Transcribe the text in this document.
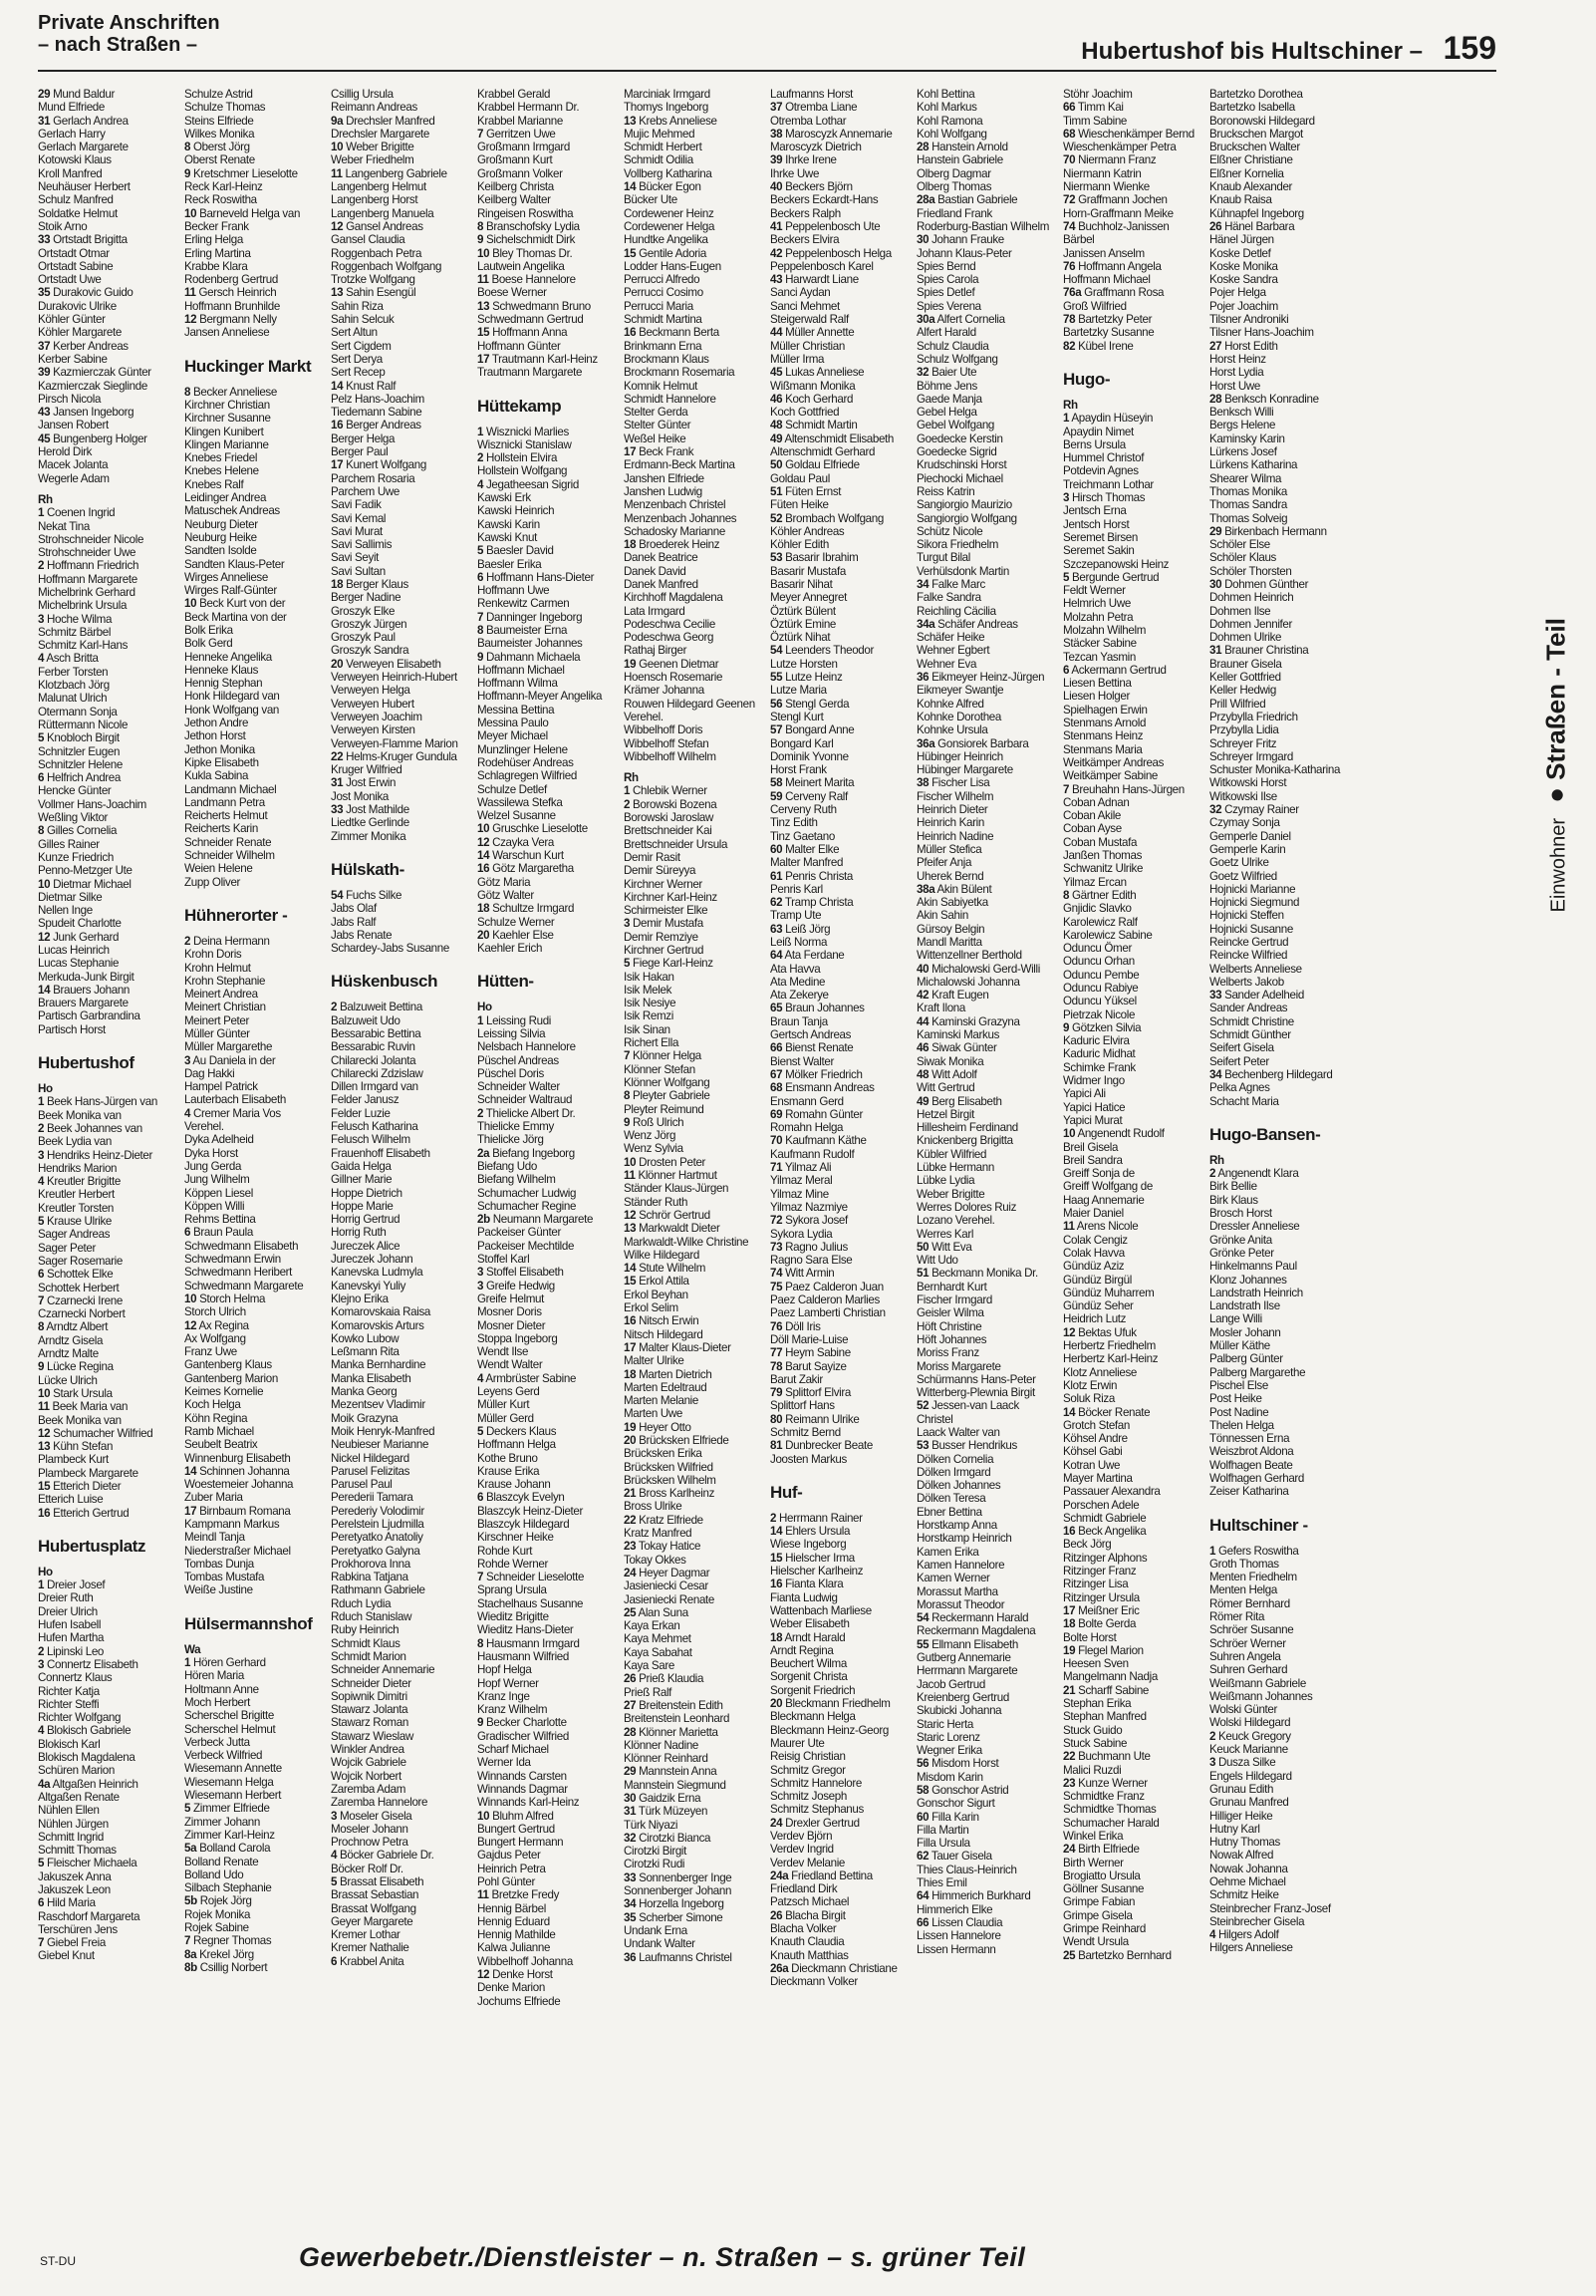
Private Anschriften
– nach Straßen –	Hubertushof bis Hultschiner – 159
29 Mund Baldur
Mund Elfriede
31 Gerlach Andrea
Gerlach Harry
Gerlach Margarete
Kotowski Klaus
Kroll Manfred
Neuhäuser Herbert
Schulz Manfred
Soldatke Helmut
Stoik Arno
33 Ortstadt Brigitta
Ortstadt Otmar
Ortstadt Sabine
Ortstadt Uwe
35 Durakovic Guido
Durakovic Ulrike
Köhler Günter
Köhler Margarete
37 Kerber Andreas
Kerber Sabine
39 Kazmierczak Günter
Kazmierczak Sieglinde
Pirsch Nicola
43 Jansen Ingeborg
Jansen Robert
45 Bungenberg Holger
Herold Dirk
Macek Jolanta
Wegerle Adam
Rh
1 Coenen Ingrid
Nekat Tina
Strohschneider Nicole
Strohschneider Uwe
2 Hoffmann Friedrich
Hoffmann Margarete
Michelbrink Gerhard
Michelbrink Ursula
3 Hoche Wilma
Schmitz Bärbel
Schmitz Karl-Hans
4 Asch Britta
Ferber Torsten
Klotzbach Jörg
Malunat Ulrich
Otermann Sonja
Rüttermann Nicole
5 Knobloch Birgit
Schnitzler Eugen
Schnitzler Helene
6 Helfrich Andrea
Hencke Günter
Vollmer Hans-Joachim
Weßling Viktor
8 Gilles Cornelia
Gilles Rainer
Kunze Friedrich
Penno-Metzger Ute
10 Dietmar Michael
Dietmar Silke
Nellen Inge
Spudeit Charlotte
12 Junk Gerhard
Lucas Heinrich
Lucas Stephanie
Merkuda-Junk Birgit
14 Brauers Johann
Brauers Margarete
Partisch Garbrandina
Partisch Horst
Hubertushof
Ho
1 Beek Hans-Jürgen van
Beek Monika van
2 Beek Johannes van
Beek Lydia van
3 Hendriks Heinz-Dieter
Hendriks Marion
4 Kreutler Brigitte
Kreutler Herbert
Kreutler Torsten
5 Krause Ulrike
Sager Andreas
Sager Peter
Sager Rosemarie
6 Schottek Elke
Schottek Herbert
7 Czarnecki Irene
Czarnecki Norbert
8 Arndtz Albert
Arndtz Gisela
Arndtz Malte
9 Lücke Regina
Lücke Ulrich
10 Stark Ursula
11 Beek Maria van
Beek Monika van
12 Schumacher Wilfried
13 Kühn Stefan
Plambeck Kurt
Plambeck Margarete
15 Etterich Dieter
Etterich Luise
16 Etterich Gertrud
Hubertusplatz
Ho
1 Dreier Josef
Dreier Ruth
Dreier Ulrich
Hufen Isabell
Hufen Martha
2 Lipinski Leo
3 Connertz Elisabeth
Connertz Klaus
Richter Katja
Richter Steffi
Richter Wolfgang
4 Blokisch Gabriele
Blokisch Karl
Blokisch Magdalena
Schüren Marion
4a Altgaßen Heinrich
Altgaßen Renate
Nühlen Ellen
Nühlen Jürgen
Schmitt Ingrid
Schmitt Thomas
5 Fleischer Michaela
Jakuszek Anna
Jakuszek Leon
6 Hild Maria
Raschdorf Margareta
Terschüren Jens
7 Giebel Freia
Giebel Knut
Schulze Astrid
Schulze Thomas
Steins Elfriede
Wilkes Monika
8 Oberst Jörg
Oberst Renate
9 Kretschmer Lieselotte
Reck Karl-Heinz
Reck Roswitha
10 Barneveld Helga van
Becker Frank
Erling Helga
Erling Martina
Krabbe Klara
Rodenberg Gertrud
11 Gersch Heinrich
Hoffmann Brunhilde
12 Bergmann Nelly
Jansen Anneliese
Huckinger Markt
8 Becker Anneliese
Kirchner Christian
Kirchner Susanne
Klingen Kunibert
Klingen Marianne
Knebes Friedel
Knebes Helene
Knebes Ralf
Leidinger Andrea
Matuschek Andreas
Neuburg Dieter
Neuburg Heike
Sandten Isolde
Sandten Klaus-Peter
Wirges Anneliese
Wirges Ralf-Günter
10 Beck Kurt von der
Beck Martina von der
Bolk Erika
Bolk Gerd
Henneke Angelika
Henneke Klaus
Hennig Stephan
Honk Hildegard van
Honk Wolfgang van
Jethon Andre
Jethon Horst
Jethon Monika
Kipke Elisabeth
Kukla Sabina
Landmann Michael
Landmann Petra
Reicherts Helmut
Reicherts Karin
Schneider Renate
Schneider Wilhelm
Weien Helene
Zupp Oliver
Hühnerorter -
2 Deina Hermann
Krohn Doris
Krohn Helmut
Krohn Stephanie
Meinert Andrea
Meinert Christian
Meinert Peter
Müller Günter
Müller Margarethe
3 Au Daniela in der
Dag Hakki
Hampel Patrick
Lauterbach Elisabeth
4 Cremer Maria Vos
Verehel.
Dyka Adelheid
Dyka Horst
Jung Gerda
Jung Wilhelm
Köppen Liesel
Köppen Willi
Rehms Bettina
6 Braun Paula
Schwedmann Elisabeth
Schwedmann Erwin
Schwedmann Heribert
Schwedmann Margarete
10 Storch Helma
Storch Ulrich
12 Ax Regina
Ax Wolfgang
Franz Uwe
Gantenberg Klaus
Gantenberg Marion
Keimes Kornelie
Koch Helga
Köhn Regina
Ramb Michael
Seubelt Beatrix
Winnenburg Elisabeth
14 Schinnen Johanna
Woestemeier Johanna
Zuber Maria
17 Birnbaum Romana
Kampmann Markus
Meindl Tanja
Niederstraßer Michael
Tombas Dunja
Tombas Mustafa
Weiße Justine
Hülsermannshof
Wa
1 Hören Gerhard
Hören Maria
Holtmann Anne
Moch Herbert
Scherschel Brigitte
Scherschel Helmut
Verbeck Jutta
Verbeck Wilfried
Wiesemann Annette
Wiesemann Helga
Wiesemann Herbert
5 Zimmer Elfriede
Zimmer Johann
Zimmer Karl-Heinz
5a Bolland Carola
Bolland Renate
Bolland Udo
Silbach Stephanie
5b Rojek Jörg
Rojek Monika
Rojek Sabine
7 Regner Thomas
8a Krekel Jörg
8b Csillig Norbert
Csillig Ursula
Reimann Andreas
9a Drechsler Manfred
Drechsler Margarete
10 Weber Brigitte
Weber Friedhelm
11 Langenberg Gabriele
Langenberg Helmut
Langenberg Horst
Langenberg Manuela
12 Gansel Andreas
Gansel Claudia
Roggenbach Petra
Roggenbach Wolfgang
Trotzke Wolfgang
13 Sahin Esengül
Sahin Riza
Sahin Selcuk
Sert Altun
Sert Cigdem
Sert Derya
Sert Recep
14 Knust Ralf
Pelz Hans-Joachim
Tiedemann Sabine
16 Berger Andreas
Berger Helga
Berger Paul
17 Kunert Wolfgang
Parchem Rosaria
Parchem Uwe
Savi Fadik
Savi Kemal
Savi Murat
Savi Sallimis
Savi Seyit
Savi Sultan
18 Berger Klaus
Berger Nadine
Groszyk Elke
Groszyk Jürgen
Groszyk Paul
Groszyk Sandra
20 Verweyen Elisabeth
Verweyen Heinrich-Hubert
Verweyen Helga
Verweyen Hubert
Verweyen Joachim
Verweyen Kirsten
Verweyen-Flamme Marion
22 Helms-Kruger Gundula
Kruger Wilfried
31 Jost Erwin
Jost Monika
33 Jost Mathilde
Liedtke Gerlinde
Zimmer Monika
Hülskath-
54 Fuchs Silke
Jabs Olaf
Jabs Ralf
Jabs Renate
Schardey-Jabs Susanne
Hüskenbusch
2 Balzuweit Bettina
Balzuweit Udo
Bessarabic Bettina
Bessarabic Ruvin
Chilarecki Jolanta
Chilarecki Zdzislaw
Dillen Irmgard van
Felder Janusz
Felder Luzie
Felusch Katharina
Felusch Wilhelm
Frauenhoff Elisabeth
Gaida Helga
Gillner Marie
Hoppe Dietrich
Hoppe Marie
Horrig Gertrud
Horrig Ruth
Jureczek Alice
Jureczek Johann
Kanevska Ludmyla
Kanevskyi Yuliy
Klejno Erika
Komarovskaia Raisa
Komarovskis Arturs
Kowko Lubow
Leßmann Rita
Manka Bernhardine
Manka Elisabeth
Manka Georg
Mezentsev Vladimir
Moik Grazyna
Moik Henryk-Manfred
Neubieser Marianne
Nickel Hildegard
Parusel Felizitas
Parusel Paul
Perederii Tamara
Perederiy Volodimir
Perelstein Ljudmilla
Peretyatko Anatoliy
Peretyatko Galyna
Prokhorova Inna
Rabkina Tatjana
Rathmann Gabriele
Rduch Lydia
Rduch Stanislaw
Ruby Heinrich
Schmidt Klaus
Schmidt Marion
Schneider Annemarie
Schneider Dieter
Sopiwnik Dimitri
Stawarz Jolanta
Stawarz Roman
Stawarz Wieslaw
Winkler Andrea
Wojcik Gabriele
Wojcik Norbert
Zaremba Adam
Zaremba Hannelore
3 Moseler Gisela
Moseler Johann
Prochnow Petra
4 Böcker Gabriele Dr.
Böcker Rolf Dr.
5 Brassat Elisabeth
Brassat Sebastian
Brassat Wolfgang
Geyer Margarete
Kremer Lothar
Kremer Nathalie
6 Krabbel Anita
Krabbel Gerald
Krabbel Hermann Dr.
Krabbel Marianne
7 Gerritzen Uwe
Großmann Irmgard
Großmann Kurt
Großmann Volker
Keilberg Christa
Keilberg Walter
Ringeisen Roswitha
8 Branschofsky Lydia
9 Sichelschmidt Dirk
10 Bley Thomas Dr.
Lautwein Angelika
11 Boese Hannelore
Boese Werner
13 Schwedmann Bruno
Schwedmann Gertrud
15 Hoffmann Anna
Hoffmann Günter
17 Trautmann Karl-Heinz
Trautmann Margarete
Hüttekamp
1 Wisznicki Marlies
Wisznicki Stanislaw
2 Hollstein Elvira
Hollstein Wolfgang
4 Jegatheesan Sigrid
Kawski Erk
Kawski Heinrich
Kawski Karin
Kawski Knut
5 Baesler David
Baesler Erika
6 Hoffmann Hans-Dieter
Hoffmann Uwe
Renkewitz Carmen
7 Danninger Ingeborg
8 Baumeister Erna
Baumeister Johannes
9 Dahmann Michaela
Hoffmann Michael
Hoffmann Wilma
Hoffmann-Meyer Angelika
Messina Bettina
Messina Paulo
Meyer Michael
Munzlinger Helene
Rodehüser Andreas
Schlagregen Wilfried
Schulze Detlef
Wassilewa Stefka
Welzel Susanne
10 Gruschke Lieselotte
12 Czayka Vera
14 Warschun Kurt
16 Götz Margaretha
Götz Maria
Götz Walter
18 Schultze Irmgard
Schulze Werner
20 Kaehler Else
Kaehler Erich
Hütten-
Ho
1 Leissing Rudi
Leissing Silvia
Nelsbach Hannelore
Püschel Andreas
Püschel Doris
Schneider Walter
Schneider Waltraud
2 Thielicke Albert Dr.
Thielicke Emmy
Thielicke Jörg
2a Biefang Ingeborg
Biefang Udo
Biefang Wilhelm
Schumacher Ludwig
Schumacher Regine
2b Neumann Margarete
Packeiser Günter
Packeiser Mechtilde
Stoffel Karl
3 Stoffel Elisabeth
3 Greife Hedwig
Greife Helmut
Mosner Doris
Mosner Dieter
Stoppa Ingeborg
Wendt Ilse
Wendt Walter
4 Armbrüster Sabine
Leyens Gerd
Müller Kurt
Müller Gerd
5 Deckers Klaus
Hoffmann Helga
Kothe Bruno
Krause Erika
Krause Johann
6 Blaszcyk Evelyn
Blaszcyk Heinz-Dieter
Blaszcyk Hildegard
Kirschner Heike
Rohde Kurt
Rohde Werner
7 Schneider Lieselotte
Sprang Ursula
Stachelhaus Susanne
Wieditz Brigitte
Wieditz Hans-Dieter
8 Hausmann Irmgard
Hausmann Wilfried
Hopf Helga
Hopf Werner
Kranz Inge
Kranz Wilhelm
9 Becker Charlotte
Gradischer Wilfried
Scharf Michael
Werner Ida
Winnands Carsten
Winnands Dagmar
Winnands Karl-Heinz
10 Bluhm Alfred
Bungert Gertrud
Bungert Hermann
Gajdus Peter
Heinrich Petra
Pohl Günter
11 Bretzke Fredy
Hennig Bärbel
Hennig Eduard
Hennig Mathilde
Kalwa Julianne
Wibbelhoff Johanna
12 Denke Horst
Denke Marion
Jochums Elfriede
Marciniak Irmgard
Thomys Ingeborg
13 Krebs Anneliese
Mujic Mehmed
Schmidt Herbert
Schmidt Odilia
Vollberg Katharina
14 Bücker Egon
Bücker Ute
Cordewener Heinz
Cordewener Helga
Hundtke Angelika
15 Gentile Adoria
Lodder Hans-Eugen
Perrucci Alfredo
Perrucci Cosimo
Perrucci Maria
Schmidt Martina
16 Beckmann Berta
Brinkmann Erna
Brockmann Klaus
Brockmann Rosemaria
Komnik Helmut
Schmidt Hannelore
Stelter Gerda
Stelter Günter
Weßel Heike
17 Beck Frank
Erdmann-Beck Martina
Janshen Elfriede
Janshen Ludwig
Menzenbach Christel
Menzenbach Johannes
Schadosky Marianne
18 Broederek Heinz
Danek Beatrice
Danek David
Danek Manfred
Kirchhoff Magdalena
Lata Irmgard
Podeschwa Cecilie
Podeschwa Georg
Rathaj Birger
19 Geenen Dietmar
Hoensch Rosemarie
Krämer Johanna
Rouwen Hildegard Geenen
Verehel.
Wibbelhoff Doris
Wibbelhoff Stefan
Wibbelhoff Wilhelm
Rh
1 Chlebik Werner
2 Borowski Bozena
Borowski Jaroslaw
Brettschneider Kai
Brettschneider Ursula
Demir Rasit
Demir Süreyya
Kirchner Werner
Kirchner Karl-Heinz
Schirmeister Elke
3 Demir Mustafa
Demir Remziye
Kirchner Gertrud
5 Fiege Karl-Heinz
Isik Hakan
Isik Melek
Isik Nesiye
Isik Remzi
Isik Sinan
Richert Ella
7 Klönner Helga
Klönner Stefan
Klönner Wolfgang
8 Pleyter Gabriele
Pleyter Reimund
9 Roß Ulrich
Wenz Jörg
Wenz Sylvia
10 Drosten Peter
11 Klönner Hartmut
Ständer Klaus-Jürgen
Ständer Ruth
12 Schrör Gertrud
13 Markwaldt Dieter
Markwaldt-Wilke Christine
Wilke Hildegard
14 Stute Wilhelm
15 Erkol Attila
Erkol Beyhan
Erkol Selim
16 Nitsch Erwin
Nitsch Hildegard
17 Malter Klaus-Dieter
Malter Ulrike
18 Marten Dietrich
Marten Edeltraud
Marten Melanie
Marten Uwe
19 Heyer Otto
20 Brücksken Elfriede
Brücksken Erika
Brücksken Wilfried
Brücksken Wilhelm
21 Bross Karlheinz
Bross Ulrike
22 Kratz Elfriede
Kratz Manfred
23 Tokay Hatice
Tokay Okkes
24 Heyer Dagmar
Jasieniecki Cesar
Jasieniecki Renate
25 Alan Suna
Kaya Erkan
Kaya Mehmet
Kaya Sabahat
Kaya Sare
26 Prieß Klaudia
Prieß Ralf
27 Breitenstein Edith
Breitenstein Leonhard
28 Klönner Marietta
Klönner Nadine
Klönner Reinhard
29 Mannstein Anna
Mannstein Siegmund
30 Gaidzik Erna
31 Türk Müzeyen
Türk Niyazi
32 Cirotzki Bianca
Cirotzki Birgit
Cirotzki Rudi
33 Sonnenberger Inge
Sonnenberger Johann
34 Horzella Ingeborg
35 Scherber Simone
Undank Erna
Undank Walter
36 Laufmanns Christel
Laufmanns Horst
37 Otremba Liane
Otremba Lothar
38 Maroscyzk Annemarie
Maroscyzk Dietrich
39 Ihrke Irene
Ihrke Uwe
40 Beckers Björn
Beckers Eckardt-Hans
Beckers Ralph
41 Peppelenbosch Ute
Beckers Elvira
42 Peppelenbosch Helga
Peppelenbosch Karel
43 Harwardt Liane
Sanci Aydan
Sanci Mehmet
Steigerwald Ralf
44 Müller Annette
Müller Christian
Müller Irma
45 Lukas Anneliese
Wißmann Monika
46 Koch Gerhard
Koch Gottfried
48 Schmidt Martin
49 Altenschmidt Elisabeth
Altenschmidt Gerhard
50 Goldau Elfriede
Goldau Paul
51 Füten Ernst
Füten Heike
52 Brombach Wolfgang
Köhler Andreas
Köhler Edith
53 Basarir Ibrahim
Basarir Mustafa
Basarir Nihat
Meyer Annegret
Öztürk Bülent
Öztürk Emine
Öztürk Nihat
54 Leenders Theodor
Lutze Horsten
55 Lutze Heinz
Lutze Maria
56 Stengl Gerda
Stengl Kurt
57 Bongard Anne
Bongard Karl
Dominik Yvonne
Horst Frank
58 Meinert Marita
59 Cerveny Ralf
Cerveny Ruth
Tinz Edith
Tinz Gaetano
60 Malter Elke
Malter Manfred
61 Penris Christa
Penris Karl
62 Tramp Christa
Tramp Ute
63 Leiß Jörg
Leiß Norma
64 Ata Ferdane
Ata Havva
Ata Medine
Ata Zekerye
65 Braun Johannes
Braun Tanja
Gertsch Andreas
66 Bienst Renate
Bienst Walter
67 Mölker Friedrich
68 Ensmann Andreas
Ensmann Gerd
69 Romahn Günter
Romahn Helga
70 Kaufmann Käthe
Kaufmann Rudolf
71 Yilmaz Ali
Yilmaz Meral
Yilmaz Mine
Yilmaz Nazmiye
72 Sykora Josef
Sykora Lydia
73 Ragno Julius
Ragno Sara Else
74 Witt Armin
75 Paez Calderon Juan
Paez Calderon Marlies
Paez Lamberti Christian
76 Döll Iris
Döll Marie-Luise
77 Heym Sabine
78 Barut Sayize
Barut Zakir
79 Splittorf Elvira
Splittorf Hans
80 Reimann Ulrike
Schmitz Bernd
81 Dunbrecker Beate
Joosten Markus
Huf-
2 Herrmann Rainer
14 Ehlers Ursula
Wiese Ingeborg
15 Hielscher Irma
Hielscher Karlheinz
16 Fianta Klara
Fianta Ludwig
Wattenbach Marliese
Weber Elisabeth
18 Arndt Harald
Arndt Regina
Beuchert Wilma
Sorgenit Christa
Sorgenit Friedrich
20 Bleckmann Friedhelm
Bleckmann Helga
Bleckmann Heinz-Georg
Maurer Ute
Reisig Christian
Schmitz Gregor
Schmitz Hannelore
Schmitz Joseph
Schmitz Stephanus
24 Drexler Gertrud
Verdev Björn
Verdev Ingrid
Verdev Melanie
24a Friedland Bettina
Friedland Dirk
Patzsch Michael
26 Blacha Birgit
Blacha Volker
Knauth Claudia
Knauth Matthias
26a Dieckmann Christiane
Dieckmann Volker
Kohl Bettina
Kohl Markus
Kohl Ramona
Kohl Wolfgang
28 Hanstein Arnold
Hanstein Gabriele
Olberg Dagmar
Olberg Thomas
28a Bastian Gabriele
Friedland Frank
Roderburg-Bastian Wilhelm
30 Johann Frauke
Johann Klaus-Peter
Spies Bernd
Spies Carola
Spies Detlef
Spies Verena
30a Alfert Cornelia
Alfert Harald
Schulz Claudia
Schulz Wolfgang
32 Baier Ute
Böhme Jens
Gaede Manja
Gebel Helga
Gebel Wolfgang
Goedecke Kerstin
Goedecke Sigrid
Krudschinski Horst
Piechocki Michael
Reiss Katrin
Sangiorgio Maurizio
Sangiorgio Wolfgang
Schütz Nicole
Sikora Friedhelm
Turgut Bilal
Verhülsdonk Martin
34 Falke Marc
Falke Sandra
Reichling Cäcilia
34a Schäfer Andreas
Schäfer Heike
Wehner Egbert
Wehner Eva
36 Eikmeyer Heinz-Jürgen
Eikmeyer Swantje
Kohnke Alfred
Kohnke Dorothea
Kohnke Ursula
36a Gonsiorek Barbara
Hübinger Heinrich
Hübinger Margarete
38 Fischer Lisa
Fischer Wilhelm
Heinrich Dieter
Heinrich Karin
Heinrich Nadine
Müller Stefica
Pfeifer Anja
Uherek Bernd
38a Akin Bülent
Akin Sabiyetka
Akin Sahin
Gürsoy Belgin
Mandl Maritta
Wittenzellner Berthold
40 Michalowski Gerd-Willi
Michalowski Johanna
42 Kraft Eugen
Kraft Ilona
44 Kaminski Grazyna
Kaminski Markus
46 Siwak Günter
Siwak Monika
48 Witt Adolf
Witt Gertrud
49 Berg Elisabeth
Hetzel Birgit
Hillesheim Ferdinand
Knickenberg Brigitta
Kübler Wilfried
Lübke Hermann
Lübke Lydia
Weber Brigitte
Werres Dolores Ruiz
Lozano Verehel.
Werres Karl
50 Witt Eva
Witt Udo
51 Beckmann Monika Dr.
Bernhardt Kurt
Fischer Irmgard
Geisler Wilma
Höft Christine
Höft Johannes
Moriss Franz
Moriss Margarete
Schürmanns Hans-Peter
Witterberg-Plewnia Birgit
52 Jessen-van Laack
Christel
Laack Walter van
53 Busser Hendrikus
Dölken Cornelia
Dölken Irmgard
Dölken Johannes
Dölken Teresa
Ebner Bettina
Horstkamp Anna
Horstkamp Heinrich
Kamen Erika
Kamen Hannelore
Kamen Werner
Morassut Martha
Morassut Theodor
54 Reckermann Harald
Reckermann Magdalena
55 Ellmann Elisabeth
Gutberg Annemarie
Herrmann Margarete
Jacob Gertrud
Kreienberg Gertrud
Skubicki Johanna
Staric Herta
Staric Lorenz
Wegner Erika
56 Misdom Horst
Misdom Karin
58 Gonschor Astrid
Gonschor Sigurt
60 Filla Karin
Filla Martin
Filla Ursula
62 Tauer Gisela
Thies Claus-Heinrich
Thies Emil
64 Himmerich Burkhard
Himmerich Elke
66 Lissen Claudia
Lissen Hannelore
Lissen Hermann
Stöhr Joachim
66 Timm Kai
Timm Sabine
68 Wieschenkämper Bernd
Wieschenkämper Petra
70 Niermann Franz
Niermann Katrin
Niermann Wienke
72 Graffmann Jochen
Horn-Graffmann Meike
74 Buchholz-Janissen
Bärbel
Janissen Anselm
76 Hoffmann Angela
Hoffmann Michael
76a Graffmann Rosa
Groß Wilfried
78 Bartetzky Peter
Bartetzky Susanne
82 Kübel Irene
Hugo-
Rh
1 Apaydin Hüseyin
Apaydin Nimet
Berns Ursula
Hummel Christof
Potdevin Agnes
Treichmann Lothar
3 Hirsch Thomas
Jentsch Erna
Jentsch Horst
Seremet Birsen
Seremet Sakin
Szczepanowski Heinz
5 Bergunde Gertrud
Feldt Werner
Helmrich Uwe
Molzahn Petra
Molzahn Wilhelm
Stäcker Sabine
Tezcan Yasmin
6 Ackermann Gertrud
Liesen Bettina
Liesen Holger
Spielhagen Erwin
Stenmans Arnold
Stenmans Heinz
Stenmans Maria
Weitkämper Andreas
Weitkämper Sabine
7 Breuhahn Hans-Jürgen
Coban Adnan
Coban Akile
Coban Ayse
Coban Mustafa
Janßen Thomas
Schwanitz Ulrike
Yilmaz Ercan
8 Gärtner Edith
Gnjidic Slavko
Karolewicz Ralf
Karolewicz Sabine
Oduncu Ömer
Oduncu Orhan
Oduncu Pembe
Oduncu Rabiye
Oduncu Yüksel
Pietrzak Nicole
9 Götzken Silvia
Kaduric Elvira
Kaduric Midhat
Schimke Frank
Widmer Ingo
Yapici Ali
Yapici Hatice
Yapici Murat
10 Angenendt Rudolf
Breil Gisela
Breil Sandra
Greiff Sonja de
Greiff Wolfgang de
Haag Annemarie
Maier Daniel
11 Arens Nicole
Colak Cengiz
Colak Havva
Gündüz Aziz
Gündüz Birgül
Gündüz Muharrem
Gündüz Seher
Heidrich Lutz
12 Bektas Ufuk
Herbertz Friedhelm
Herbertz Karl-Heinz
Klotz Anneliese
Klotz Erwin
Soluk Riza
14 Böcker Renate
Grotch Stefan
Köhsel Andre
Köhsel Gabi
Kotran Uwe
Mayer Martina
Passauer Alexandra
Porschen Adele
Schmidt Gabriele
16 Beck Angelika
Beck Jörg
Ritzinger Alphons
Ritzinger Franz
Ritzinger Lisa
Ritzinger Ursula
17 Meißner Eric
18 Bolte Gerda
Bolte Horst
19 Flegel Marion
Heesen Sven
Mangelmann Nadja
21 Scharff Sabine
Stephan Erika
Stephan Manfred
Stuck Guido
Stuck Sabine
22 Buchmann Ute
Malici Ruzdi
23 Kunze Werner
Schmidtke Franz
Schmidtke Thomas
Schumacher Harald
Winkel Erika
24 Birth Elfriede
Birth Werner
Brogiatto Ursula
Göllner Susanne
Grimpe Fabian
Grimpe Gisela
Grimpe Reinhard
Wendt Ursula
25 Bartetzko Bernhard
Bartetzko Dorothea
Bartetzko Isabella
Boronowski Hildegard
Bruckschen Margot
Bruckschen Walter
Elßner Christiane
Elßner Kornelia
Knaub Alexander
Knaub Raisa
Kühnapfel Ingeborg
26 Hänel Barbara
Hänel Jürgen
Koske Detlef
Koske Monika
Koske Sandra
Pojer Helga
Pojer Joachim
Tilsner Androniki
Tilsner Hans-Joachim
27 Horst Edith
Horst Heinz
Horst Lydia
Horst Uwe
28 Benksch Konradine
Benksch Willi
Bergs Helene
Kaminsky Karin
Lürkens Josef
Lürkens Katharina
Shearer Wilma
Thomas Monika
Thomas Sandra
Thomas Solveig
29 Birkenbach Hermann
Schöler Else
Schöler Klaus
Schöler Thorsten
30 Dohmen Günther
Dohmen Heinrich
Dohmen Ilse
Dohmen Jennifer
Dohmen Ulrike
31 Brauner Christina
Brauner Gisela
Keller Gottfried
Keller Hedwig
Prill Wilfried
Przybylla Friedrich
Przybylla Lidia
Schreyer Fritz
Schreyer Irmgard
Schuster Monika-Katharina
Witkowski Horst
Witkowski Ilse
32 Czymay Rainer
Czymay Sonja
Gemperle Daniel
Gemperle Karin
Goetz Ulrike
Goetz Wilfried
Hojnicki Marianne
Hojnicki Siegmund
Hojnicki Steffen
Hojnicki Susanne
Reincke Gertrud
Reincke Wilfried
Welberts Anneliese
Welberts Jakob
33 Sander Adelheid
Sander Andreas
Schmidt Christine
Schmidt Günther
Seifert Gisela
Seifert Peter
34 Bechenberg Hildegard
Pelka Agnes
Schacht Maria
Hugo-Bansen-
Rh
2 Angenendt Klara
Birk Bellie
Birk Klaus
Brosch Horst
Dressler Anneliese
Grönke Anita
Grönke Peter
Hinkelmanns Paul
Klonz Johannes
Landstrath Heinrich
Landstrath Ilse
Lange Willi
Mosler Johann
Müller Käthe
Palberg Günter
Palberg Margarethe
Pischel Else
Post Heike
Post Nadine
Thelen Helga
Tönnessen Erna
Weiszbrot Aldona
Wolfhagen Beate
Wolfhagen Gerhard
Zeiser Katharina
Hultschiner -
1 Gefers Roswitha
Groth Thomas
Menten Friedhelm
Menten Helga
Römer Bernhard
Römer Rita
Schröer Susanne
Schröer Werner
Suhren Angela
Suhren Gerhard
Weißmann Gabriele
Weißmann Johannes
Wolski Günter
Wolski Hildegard
2 Keuck Gregory
Keuck Marianne
3 Dusza Silke
Engels Hildegard
Grunau Edith
Grunau Manfred
Hilliger Heike
Hutny Karl
Hutny Thomas
Nowak Alfred
Nowak Johanna
Oehme Michael
Schmitz Heike
Steinbrecher Franz-Josef
Steinbrecher Gisela
4 Hilgers Adolf
Hilgers Anneliese
Einwohner ● Straßen - Teil
ST-DU	Gewerbebetr./Dienstleister – n. Straßen – s. grüner Teil
